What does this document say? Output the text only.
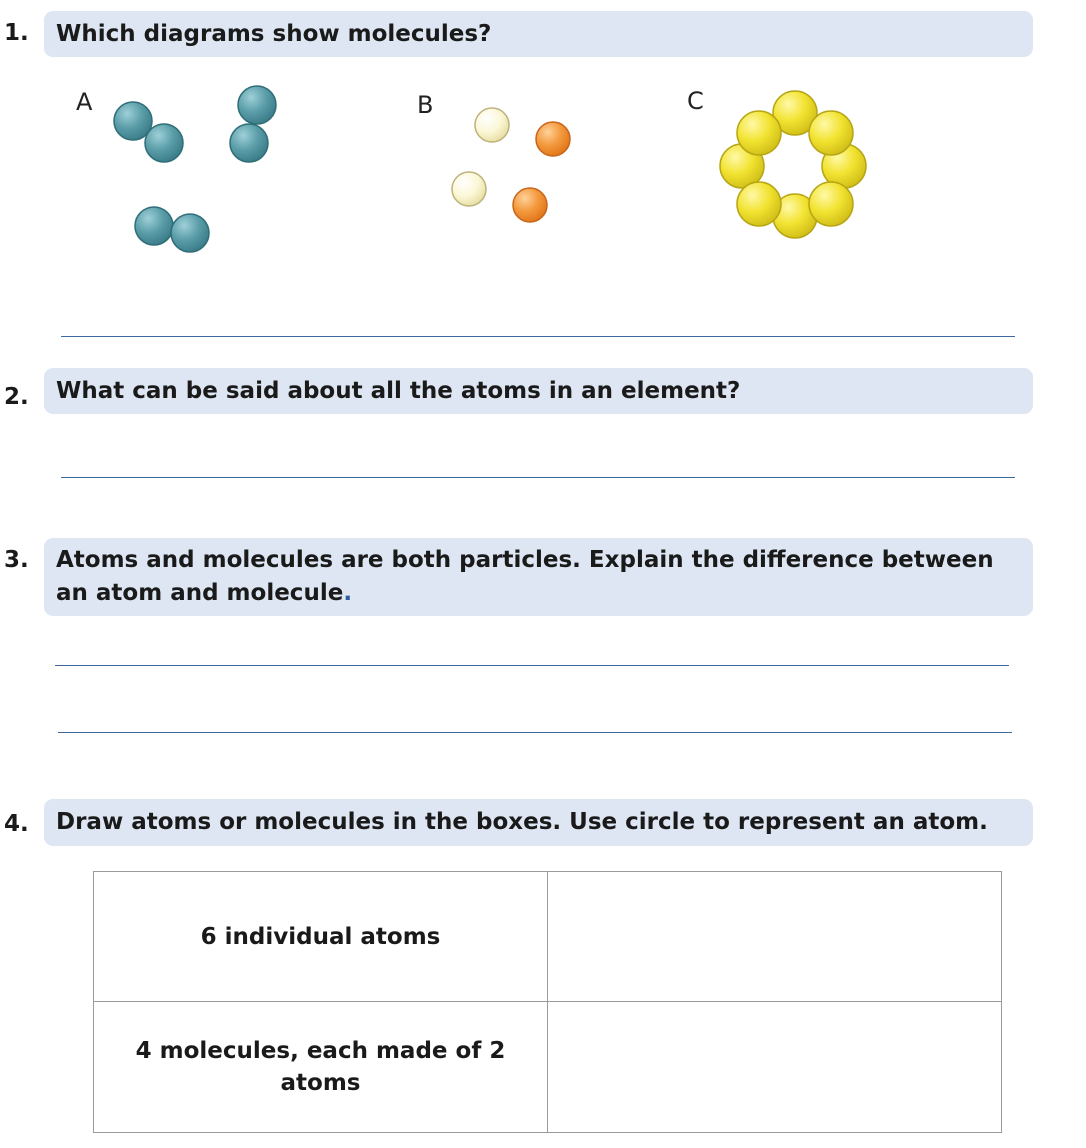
1. Which diagrams show molecules?
A	B	C
2. What can be said about all the atoms in an element?
3. Atoms and molecules are both particles. Explain the difference between an atom and molecule.
4. Draw atoms or molecules in the boxes. Use circle to represent an atom.
6 individual atoms	
4 molecules, each made of 2 atoms	
